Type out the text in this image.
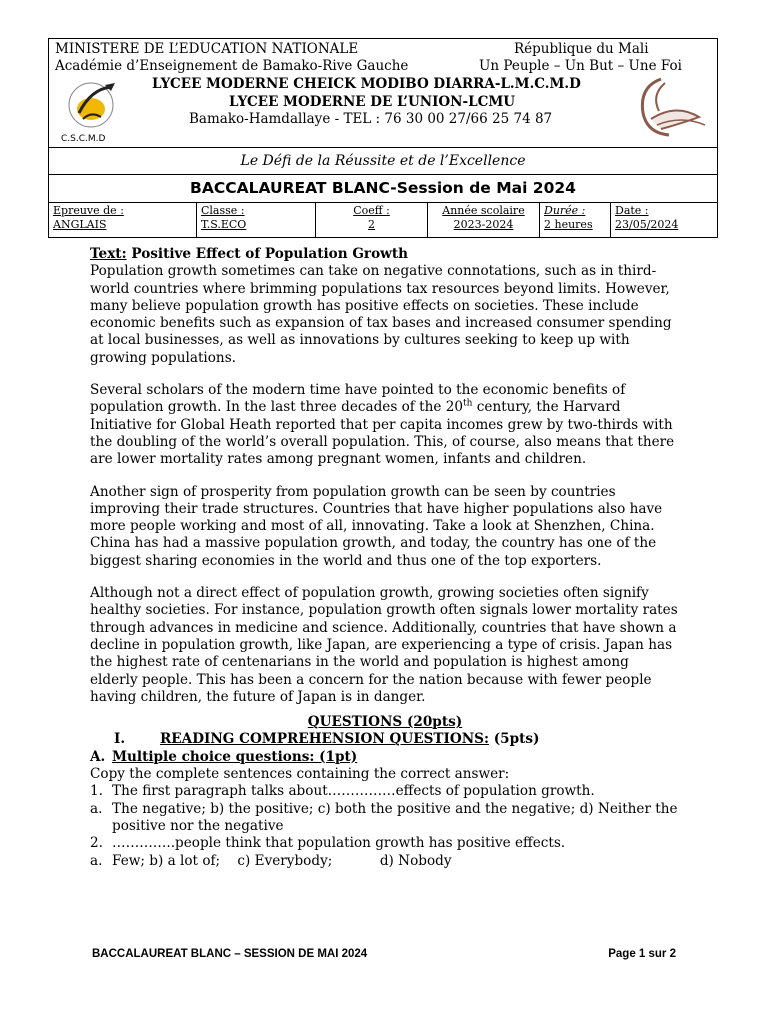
MINISTERE DE L’EDUCATION NATIONALE	République du Mali
Académie d’Enseignement de Bamako-Rive Gauche	Un Peuple – Un But – Une Foi
LYCEE MODERNE CHEICK MODIBO DIARRA-L.M.C.M.D
LYCEE MODERNE DE L’UNION-LCMU
Bamako-Hamdallaye - TEL : 76 30 00 27/66 25 74 87
C.S.C.M.D
Le Défi de la Réussite et de l’Excellence
BACCALAUREAT BLANC-Session de Mai 2024
Epreuve de :
ANGLAIS
Classe :
T.S.ECO
Coeff :
2
Année scolaire
2023-2024
Durée :
2 heures
Date :
23/05/2024

Text: Positive Effect of Population Growth

Population growth sometimes can take on negative connotations, such as in third-world countries where brimming populations tax resources beyond limits. However, many believe population growth has positive effects on societies. These include economic benefits such as expansion of tax bases and increased consumer spending at local businesses, as well as innovations by cultures seeking to keep up with growing populations.

Several scholars of the modern time have pointed to the economic benefits of population growth. In the last three decades of the 20th century, the Harvard Initiative for Global Heath reported that per capita incomes grew by two-thirds with the doubling of the world’s overall population. This, of course, also means that there are lower mortality rates among pregnant women, infants and children.

Another sign of prosperity from population growth can be seen by countries improving their trade structures. Countries that have higher populations also have more people working and most of all, innovating. Take a look at Shenzhen, China. China has had a massive population growth, and today, the country has one of the biggest sharing economies in the world and thus one of the top exporters.

Although not a direct effect of population growth, growing societies often signify healthy societies. For instance, population growth often signals lower mortality rates through advances in medicine and science. Additionally, countries that have shown a decline in population growth, like Japan, are experiencing a type of crisis. Japan has the highest rate of centenarians in the world and population is highest among elderly people. This has been a concern for the nation because with fewer people having children, the future of Japan is in danger.

QUESTIONS (20pts)

I.	READING COMPREHENSION QUESTIONS: (5pts)

A. Multiple choice questions: (1pt)

Copy the complete sentences containing the correct answer:

1. The first paragraph talks about……………effects of population growth.

a. The negative; b) the positive; c) both the positive and the negative; d) Neither the positive nor the negative

2. …………..people think that population growth has positive effects.

a. Few; b) a lot of;    c) Everybody;           d) Nobody

BACCALAUREAT BLANC – SESSION DE MAI 2024	Page 1 sur 2
